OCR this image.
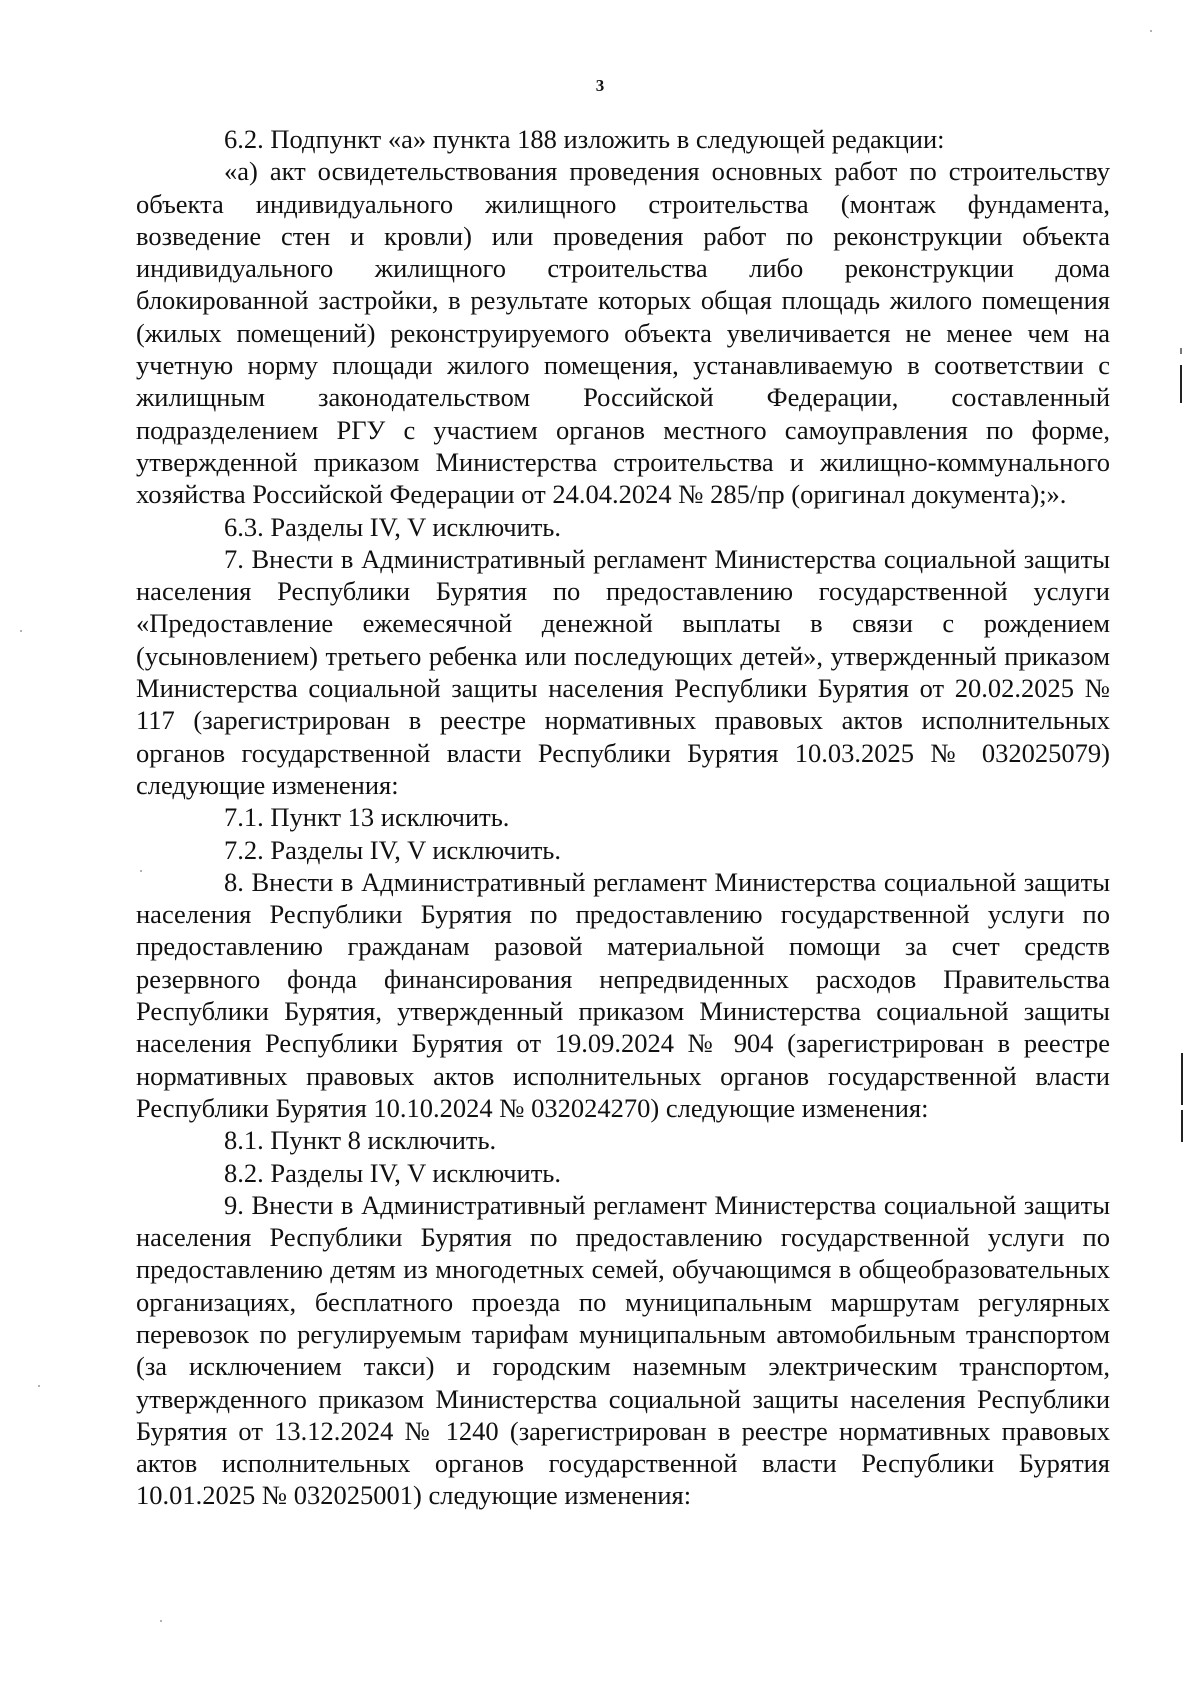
3

6.2. Подпункт «а» пункта 188 изложить в следующей редакции:

«а) акт освидетельствования проведения основных работ по строительству объекта индивидуального жилищного строительства (монтаж фундамента, возведение стен и кровли) или проведения работ по реконструкции объекта индивидуального жилищного строительства либо реконструкции дома блокированной застройки, в результате которых общая площадь жилого помещения (жилых помещений) реконструируемого объекта увеличивается не менее чем на учетную норму площади жилого помещения, устанавливаемую в соответствии с жилищным законодательством Российской Федерации, составленный подразделением РГУ с участием органов местного самоуправления по форме, утвержденной приказом Министерства строительства и жилищно-коммунального хозяйства Российской Федерации от 24.04.2024 № 285/пр (оригинал документа);».

6.3. Разделы IV, V исключить.

7. Внести в Административный регламент Министерства социальной защиты населения Республики Бурятия по предоставлению государственной услуги «Предоставление ежемесячной денежной выплаты в связи с рождением (усыновлением) третьего ребенка или последующих детей», утвержденный приказом Министерства социальной защиты населения Республики Бурятия от 20.02.2025 № 117 (зарегистрирован в реестре нормативных правовых актов исполнительных органов государственной власти Республики Бурятия 10.03.2025 № 032025079) следующие изменения:

7.1. Пункт 13 исключить.

7.2. Разделы IV, V исключить.

8. Внести в Административный регламент Министерства социальной защиты населения Республики Бурятия по предоставлению государственной услуги по предоставлению гражданам разовой материальной помощи за счет средств резервного фонда финансирования непредвиденных расходов Правительства Республики Бурятия, утвержденный приказом Министерства социальной защиты населения Республики Бурятия от 19.09.2024 № 904 (зарегистрирован в реестре нормативных правовых актов исполнительных органов государственной власти Республики Бурятия 10.10.2024 № 032024270) следующие изменения:

8.1. Пункт 8 исключить.

8.2. Разделы IV, V исключить.

9. Внести в Административный регламент Министерства социальной защиты населения Республики Бурятия по предоставлению государственной услуги по предоставлению детям из многодетных семей, обучающимся в общеобразовательных организациях, бесплатного проезда по муниципальным маршрутам регулярных перевозок по регулируемым тарифам муниципальным автомобильным транспортом (за исключением такси) и городским наземным электрическим транспортом, утвержденного приказом Министерства социальной защиты населения Республики Бурятия от 13.12.2024 № 1240 (зарегистрирован в реестре нормативных правовых актов исполнительных органов государственной власти Республики Бурятия 10.01.2025 № 032025001) следующие изменения:
